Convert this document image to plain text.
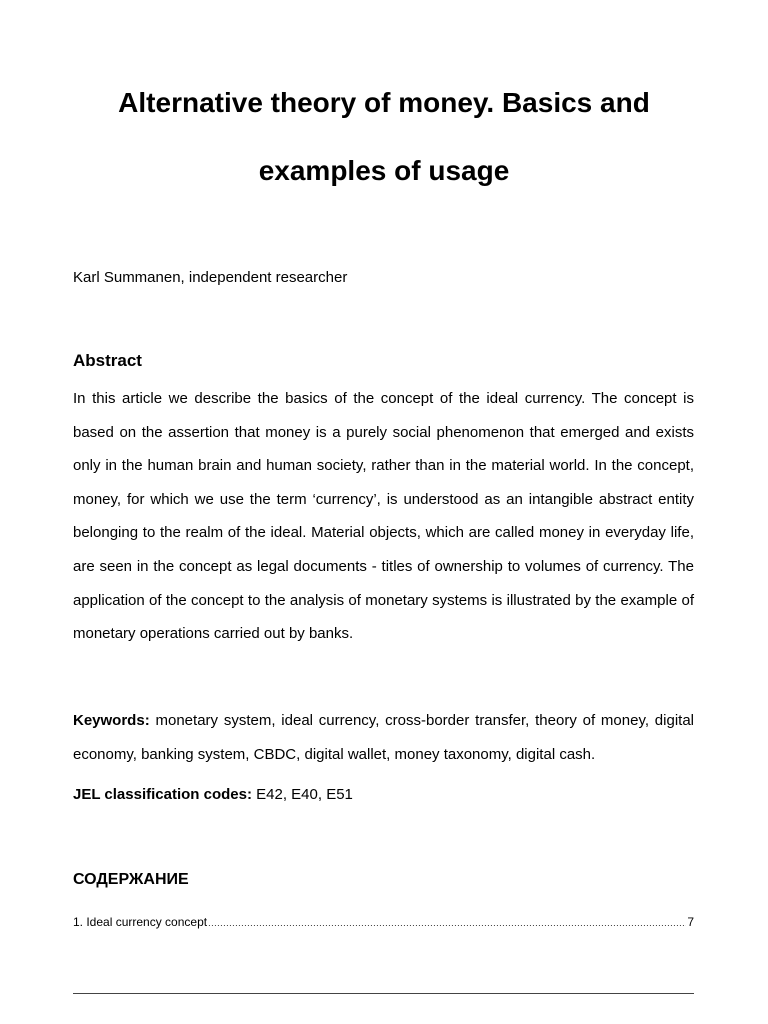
Alternative theory of money. Basics and
examples of usage
Karl Summanen, independent researcher
Abstract

In this article we describe the basics of the concept of the ideal currency. The concept is based on the assertion that money is a purely social phenomenon that emerged and exists only in the human brain and human society, rather than in the material world. In the concept, money, for which we use the term ‘currency’, is understood as an intangible abstract entity belonging to the realm of the ideal. Material objects, which are called money in everyday life, are seen in the concept as legal documents - titles of ownership to volumes of currency. The application of the concept to the analysis of monetary systems is illustrated by the example of monetary operations carried out by banks.

Keywords: monetary system, ideal currency, cross-border transfer, theory of money, digital economy, banking system, CBDC, digital wallet, money taxonomy, digital cash.

JEL classification codes: E42, E40, E51

СОДЕРЖАНИЕ
1. Ideal currency concept
.....	7
